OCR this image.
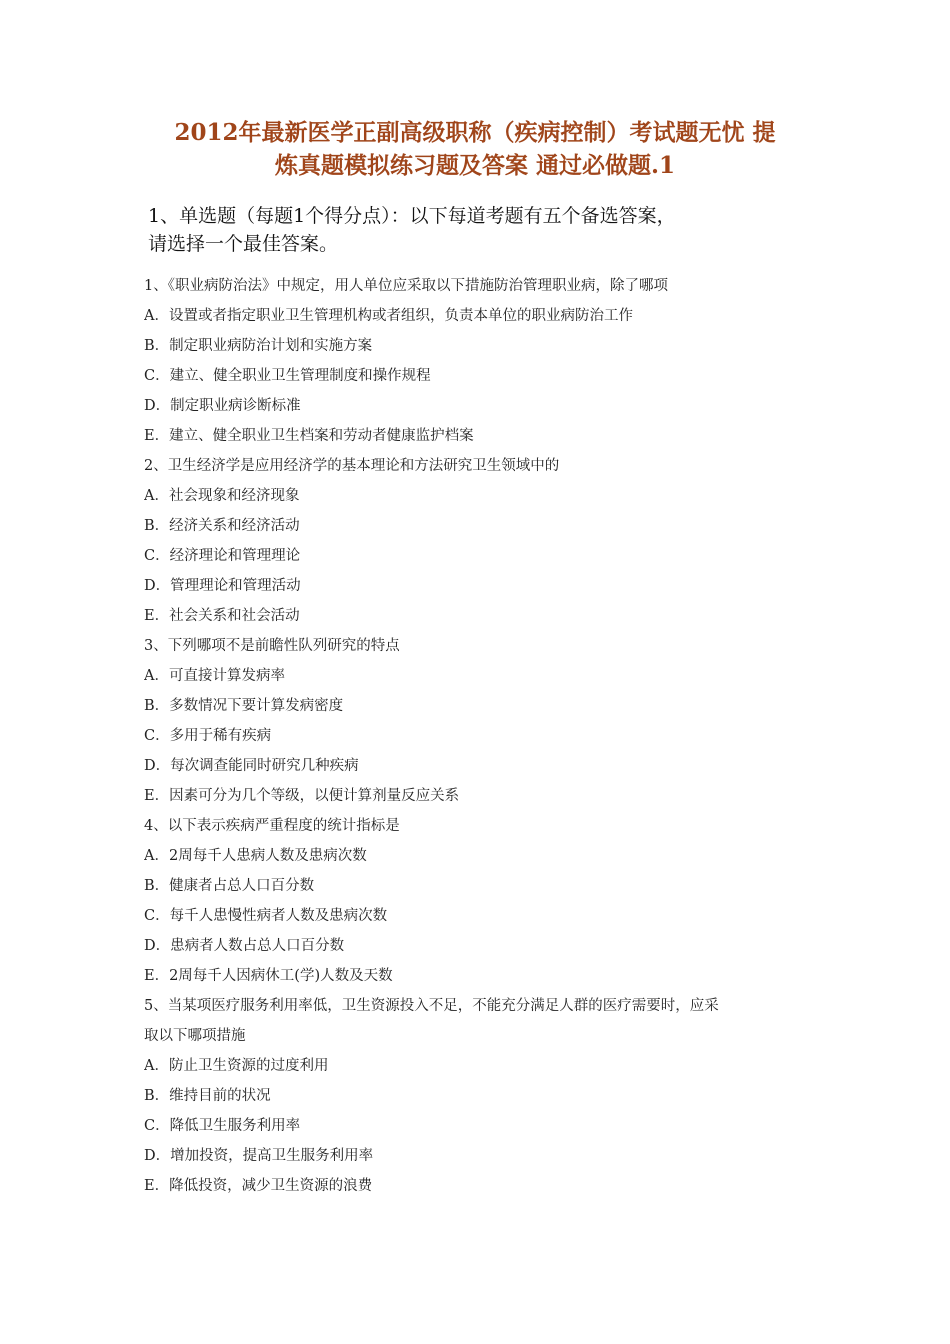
2012年最新医学正副高级职称（疾病控制）考试题无忧 提
炼真题模拟练习题及答案 通过必做题.1
1、单选题（每题1个得分点）：以下每道考题有五个备选答案，
请选择一个最佳答案。
1、《职业病防治法》中规定，用人单位应采取以下措施防治管理职业病，除了哪项
A．设置或者指定职业卫生管理机构或者组织，负责本单位的职业病防治工作
B．制定职业病防治计划和实施方案
C．建立、健全职业卫生管理制度和操作规程
D．制定职业病诊断标准
E．建立、健全职业卫生档案和劳动者健康监护档案
2、卫生经济学是应用经济学的基本理论和方法研究卫生领域中的
A．社会现象和经济现象
B．经济关系和经济活动
C．经济理论和管理理论
D．管理理论和管理活动
E．社会关系和社会活动
3、下列哪项不是前瞻性队列研究的特点
A．可直接计算发病率
B．多数情况下要计算发病密度
C．多用于稀有疾病
D．每次调查能同时研究几种疾病
E．因素可分为几个等级，以便计算剂量反应关系
4、以下表示疾病严重程度的统计指标是
A．2周每千人患病人数及患病次数
B．健康者占总人口百分数
C．每千人患慢性病者人数及患病次数
D．患病者人数占总人口百分数
E．2周每千人因病休工(学)人数及天数
5、当某项医疗服务利用率低，卫生资源投入不足，不能充分满足人群的医疗需要时，应采
取以下哪项措施
A．防止卫生资源的过度利用
B．维持目前的状况
C．降低卫生服务利用率
D．增加投资，提高卫生服务利用率
E．降低投资，减少卫生资源的浪费
